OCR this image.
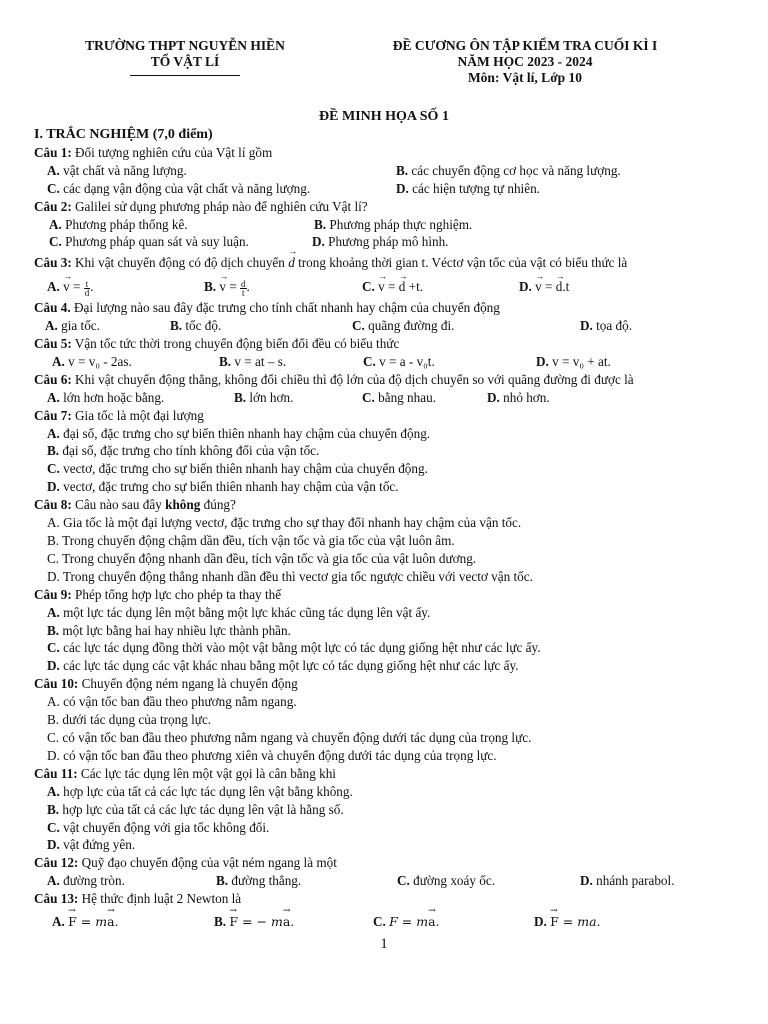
TRƯỜNG THPT NGUYỄN HIỀN

TỔ VẬT LÍ

ĐỀ CƯƠNG ÔN TẬP KIỂM TRA CUỐI KÌ I

NĂM HỌC 2023 - 2024

Môn: Vật lí, Lớp 10

ĐỀ MINH HỌA SỐ 1

I. TRẮC NGHIỆM (7,0 điểm)

Câu 1: Đối tượng nghiên cứu của Vật lí gồm

A. vật chất và năng lượng.	B. các chuyển động cơ học và năng lượng.
C. các dạng vận động của vật chất và năng lượng.	D. các hiện tượng tự nhiên.

Câu 2: Galilei sử dụng phương pháp nào để nghiên cứu Vật lí?

A. Phương pháp thống kê.	B. Phương pháp thực nghiệm.
C. Phương pháp quan sát và suy luận.	D. Phương pháp mô hình.

Câu 3: Khi vật chuyển động có độ dịch chuyển → d trong khoảng thời gian t. Véctơ vận tốc của vật có biểu thức là

A. → $v = \frac{t}{d}$ .	B. → $v = \frac{d}{t}$ .	C. → v = → d +t.	D. → v = → d.t

Câu 4. Đại lượng nào sau đây đặc trưng cho tính chất nhanh hay chậm của chuyển động

A. gia tốc.	B. tốc độ.	C. quãng đường đi.	D. tọa độ.

Câu 5: Vận tốc tức thời trong chuyển động biến đổi đều có biểu thức

A. v = v₀ - 2as.	B. v = at – s.	C. v = a - v₀t.	D. v = v₀ + at.

Câu 6: Khi vật chuyển động thẳng, không đổi chiều thì độ lớn của độ dịch chuyển so với quãng đường đi được là

A. lớn hơn hoặc bằng.	B. lớn hơn.	C. bằng nhau.	D. nhỏ hơn.

Câu 7: Gia tốc là một đại lượng

A. đại số, đặc trưng cho sự biến thiên nhanh hay chậm của chuyển động.

B. đại số, đặc trưng cho tính không đổi của vận tốc.

C. vectơ, đặc trưng cho sự biến thiên nhanh hay chậm của chuyển động.

D. vectơ, đặc trưng cho sự biến thiên nhanh hay chậm của vận tốc.

Câu 8: Câu nào sau đây không đúng?

A. Gia tốc là một đại lượng vectơ, đặc trưng cho sự thay đổi nhanh hay chậm của vận tốc.

B. Trong chuyển động chậm dần đều, tích vận tốc và gia tốc của vật luôn âm.

C. Trong chuyển động nhanh dần đều, tích vận tốc và gia tốc của vật luôn dương.

D. Trong chuyển động thẳng nhanh dần đều thì vectơ gia tốc ngược chiều với vectơ vận tốc.

Câu 9: Phép tổng hợp lực cho phép ta thay thế

A. một lực tác dụng lên một bằng một lực khác cũng tác dụng lên vật ấy.

B. một lực bằng hai hay nhiều lực thành phần.

C. các lực tác dụng đồng thời vào một vật bằng một lực có tác dụng giống hệt như các lực ấy.

D. các lực tác dụng các vật khác nhau bằng một lực có tác dụng giống hệt như các lực ấy.

Câu 10: Chuyển động ném ngang là chuyển động

A. có vận tốc ban đầu theo phương nằm ngang.

B. dưới tác dụng của trọng lực.

C. có vận tốc ban đầu theo phương nằm ngang và chuyển động dưới tác dụng của trọng lực.

D. có vận tốc ban đầu theo phương xiên và chuyển động dưới tác dụng của trọng lực.

Câu 11: Các lực tác dụng lên một vật gọi là cân bằng khi

A. hợp lực của tất cả các lực tác dụng lên vật bằng không.

B. hợp lực của tất cả các lực tác dụng lên vật là hằng số.

C. vật chuyển động với gia tốc không đổi.

D. vật đứng yên.

Câu 12: Quỹ đạo chuyển động của vật ném ngang là một

A. đường tròn.	B. đường thẳng.	C. đường xoáy ốc.	D. nhánh parabol.

Câu 13: Hệ thức định luật 2 Newton là

A. → F = m→ a.	B. → F = − m→ a.	C. F = m→ a.	D. → F = ma.
1
